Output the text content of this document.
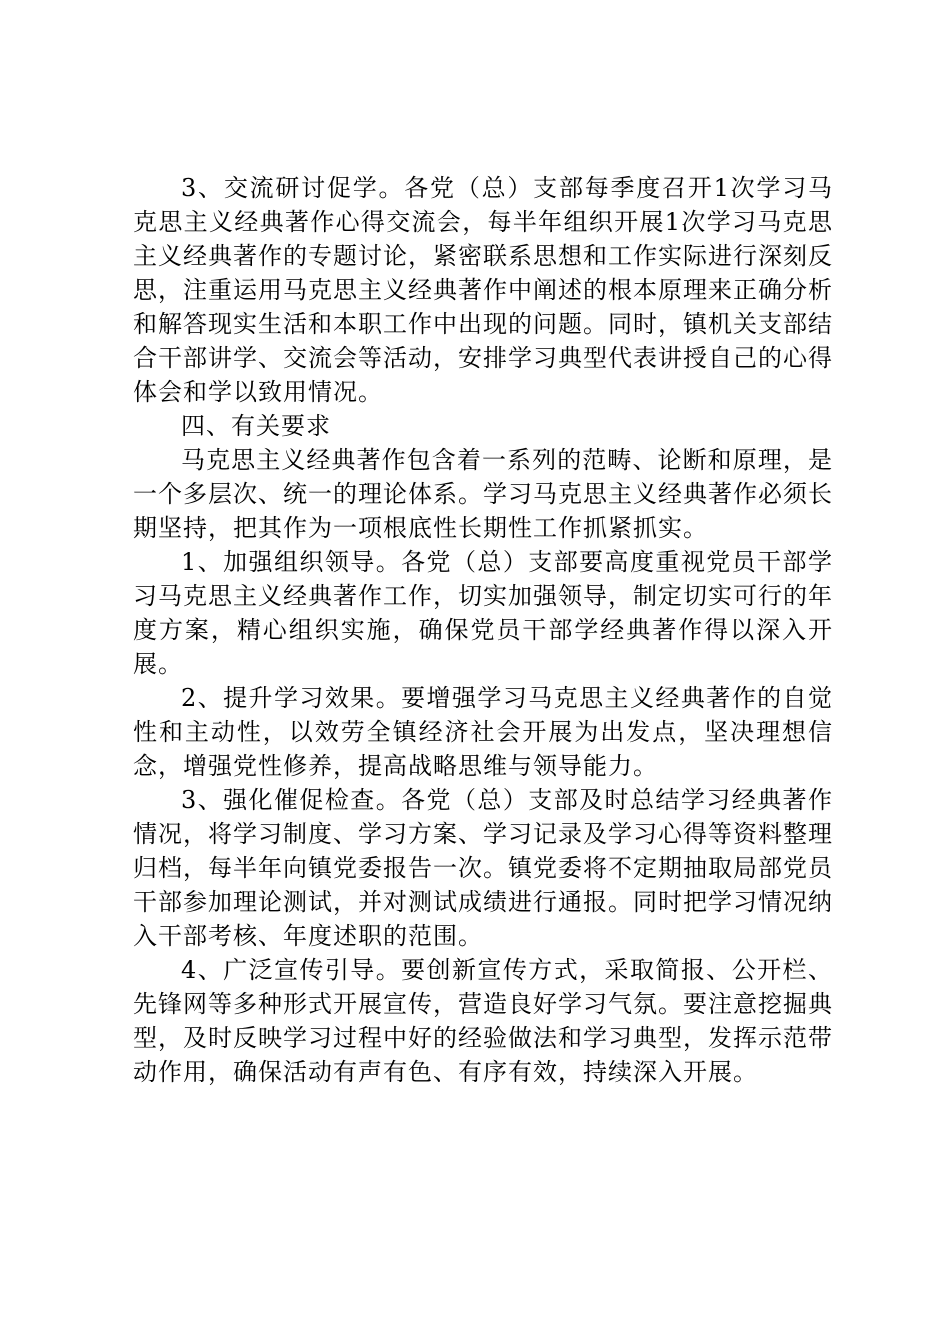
3、交流研讨促学。各党（总）支部每季度召开1次学习马克思主义经典著作心得交流会，每半年组织开展1次学习马克思主义经典著作的专题讨论，紧密联系思想和工作实际进行深刻反思，注重运用马克思主义经典著作中阐述的根本原理来正确分析和解答现实生活和本职工作中出现的问题。同时，镇机关支部结合干部讲学、交流会等活动，安排学习典型代表讲授自己的心得体会和学以致用情况。

四、有关要求

马克思主义经典著作包含着一系列的范畴、论断和原理，是一个多层次、统一的理论体系。学习马克思主义经典著作必须长期坚持，把其作为一项根底性长期性工作抓紧抓实。

1、加强组织领导。各党（总）支部要高度重视党员干部学习马克思主义经典著作工作，切实加强领导，制定切实可行的年度方案，精心组织实施，确保党员干部学经典著作得以深入开展。

2、提升学习效果。要增强学习马克思主义经典著作的自觉性和主动性，以效劳全镇经济社会开展为出发点，坚决理想信念，增强党性修养，提高战略思维与领导能力。

3、强化催促检查。各党（总）支部及时总结学习经典著作情况，将学习制度、学习方案、学习记录及学习心得等资料整理归档，每半年向镇党委报告一次。镇党委将不定期抽取局部党员干部参加理论测试，并对测试成绩进行通报。同时把学习情况纳入干部考核、年度述职的范围。

4、广泛宣传引导。要创新宣传方式，采取简报、公开栏、先锋网等多种形式开展宣传，营造良好学习气氛。要注意挖掘典型，及时反映学习过程中好的经验做法和学习典型，发挥示范带动作用，确保活动有声有色、有序有效，持续深入开展。
